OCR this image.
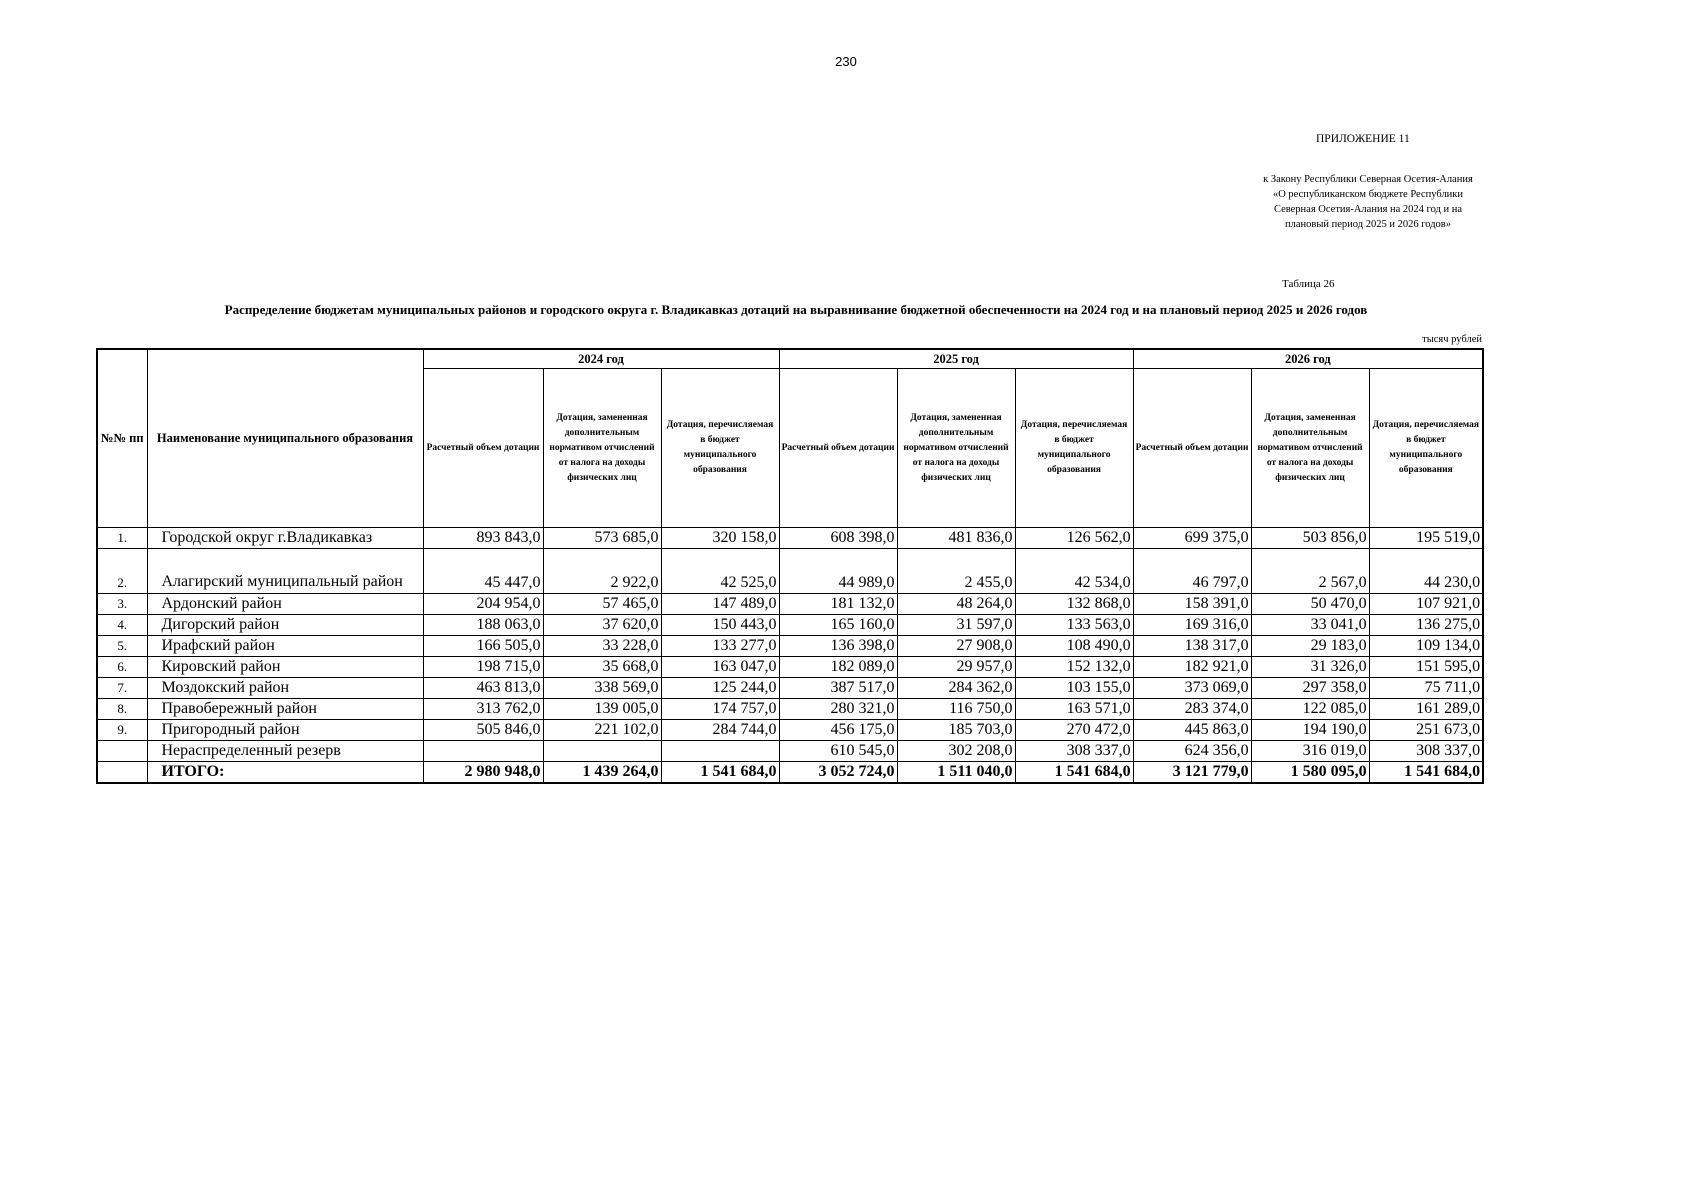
230
ПРИЛОЖЕНИЕ 11
к Закону Республики Северная Осетия-Алания «О республиканском бюджете Республики Северная Осетия-Алания на 2024 год и на плановый период 2025 и 2026 годов»
Таблица 26
Распределение бюджетам муниципальных районов и городского округа г. Владикавказ дотаций на выравнивание бюджетной обеспеченности на 2024 год и на плановый период 2025 и 2026 годов
тысяч рублей
№№ пп	Наименование муниципального образования	2024 год			2025 год			2026 год		
		Расчетный объем дотации	Дотация, замененная дополнительным нормативом отчислений от налога на доходы физических лиц	Дотация, перечисляемая в бюджет муниципального образования	Расчетный объем дотации	Дотация, замененная дополнительным нормативом отчислений от налога на доходы физических лиц	Дотация, перечисляемая в бюджет муниципального образования	Расчетный объем дотации	Дотация, замененная дополнительным нормативом отчислений от налога на доходы физических лиц	Дотация, перечисляемая в бюджет муниципального образования
1.	Городской округ г.Владикавказ	893 843,0	573 685,0	320 158,0	608 398,0	481 836,0	126 562,0	699 375,0	503 856,0	195 519,0
2.	Алагирский муниципальный район	45 447,0	2 922,0	42 525,0	44 989,0	2 455,0	42 534,0	46 797,0	2 567,0	44 230,0
3.	Ардонский район	204 954,0	57 465,0	147 489,0	181 132,0	48 264,0	132 868,0	158 391,0	50 470,0	107 921,0
4.	Дигорский район	188 063,0	37 620,0	150 443,0	165 160,0	31 597,0	133 563,0	169 316,0	33 041,0	136 275,0
5.	Ирафский район	166 505,0	33 228,0	133 277,0	136 398,0	27 908,0	108 490,0	138 317,0	29 183,0	109 134,0
6.	Кировский район	198 715,0	35 668,0	163 047,0	182 089,0	29 957,0	152 132,0	182 921,0	31 326,0	151 595,0
7.	Моздокский район	463 813,0	338 569,0	125 244,0	387 517,0	284 362,0	103 155,0	373 069,0	297 358,0	75 711,0
8.	Правобережный район	313 762,0	139 005,0	174 757,0	280 321,0	116 750,0	163 571,0	283 374,0	122 085,0	161 289,0
9.	Пригородный район	505 846,0	221 102,0	284 744,0	456 175,0	185 703,0	270 472,0	445 863,0	194 190,0	251 673,0
	Нераспределенный резерв				610 545,0	302 208,0	308 337,0	624 356,0	316 019,0	308 337,0
	ИТОГО:	2 980 948,0	1 439 264,0	1 541 684,0	3 052 724,0	1 511 040,0	1 541 684,0	3 121 779,0	1 580 095,0	1 541 684,0
